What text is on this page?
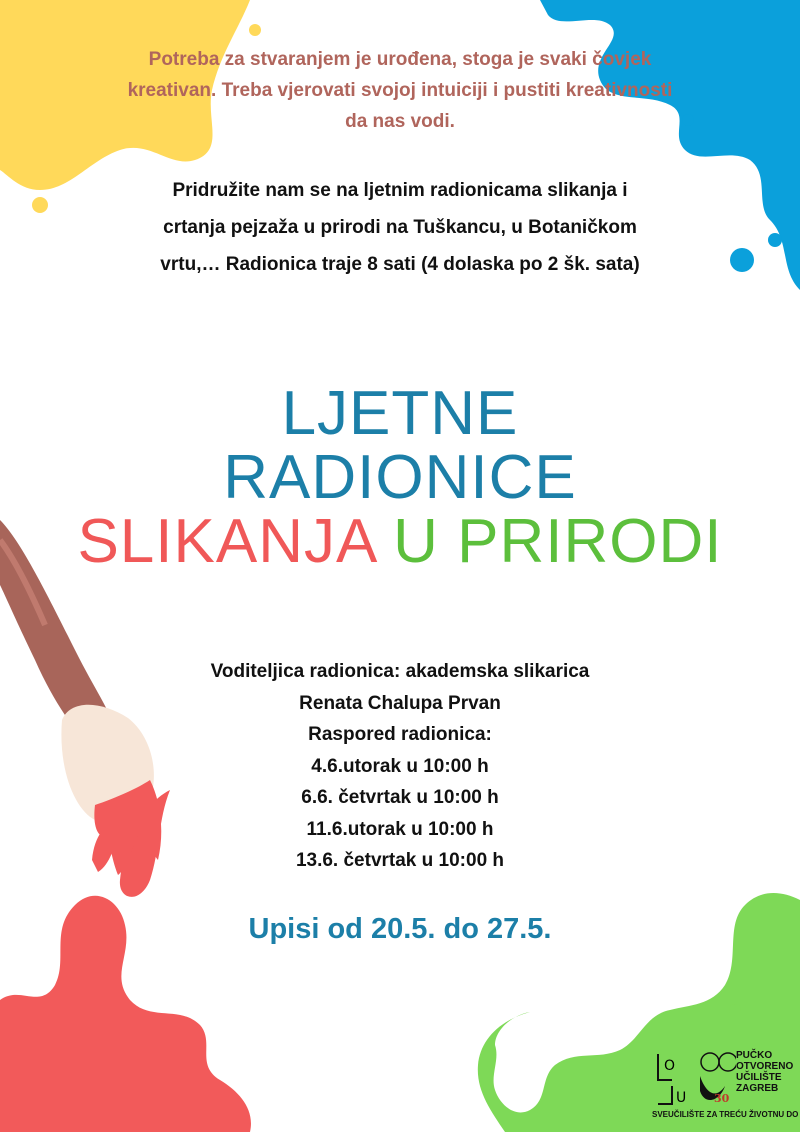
Potreba za stvaranjem je urođena, stoga je svaki čovjek
kreativan. Treba vjerovati svojoj intuiciji i pustiti kreativnosti
da nas vodi.
Pridružite nam se na ljetnim radionicama slikanja i
crtanja pejzaža u prirodi na Tuškancu, u Botaničkom
vrtu,… Radionica traje 8 sati (4 dolaska po 2 šk. sata)
LJETNE
RADIONICE
SLIKANJA U PRIRODI
Voditeljica radionica: akademska slikarica
Renata Chalupa Prvan
Raspored radionica:
4.6.utorak u 10:00 h
6.6. četvrtak u 10:00 h
11.6.utorak u 10:00 h
13.6. četvrtak u 10:00 h
Upisi od 20.5. do 27.5.
O
U	30
PUČKO
OTVORENO
UČILIŠTE
ZAGREB
SVEUČILIŠTE ZA TREĆU ŽIVOTNU DO
